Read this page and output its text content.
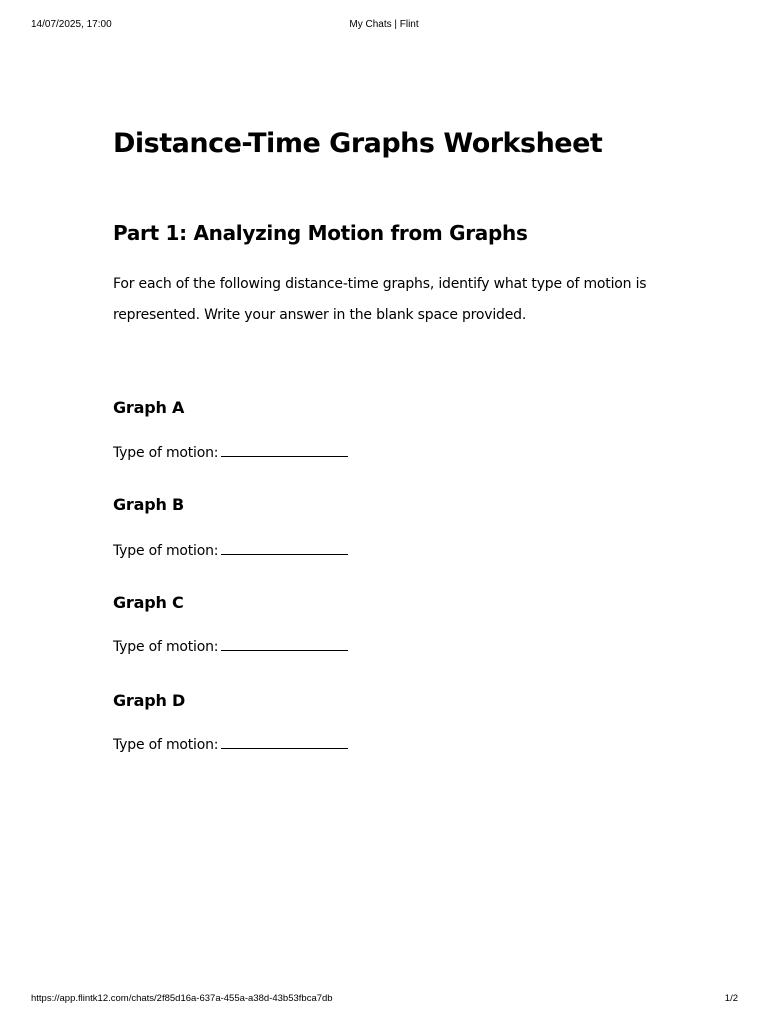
14/07/2025, 17:00	My Chats | Flint
Distance-Time Graphs Worksheet
Part 1: Analyzing Motion from Graphs

For each of the following distance-time graphs, identify what type of motion is represented. Write your answer in the blank space provided.

Graph A
Type of motion:
Graph B
Type of motion:
Graph C
Type of motion:
Graph D
Type of motion:
https://app.flintk12.com/chats/2f85d16a-637a-455a-a38d-43b53fbca7db	1/2
